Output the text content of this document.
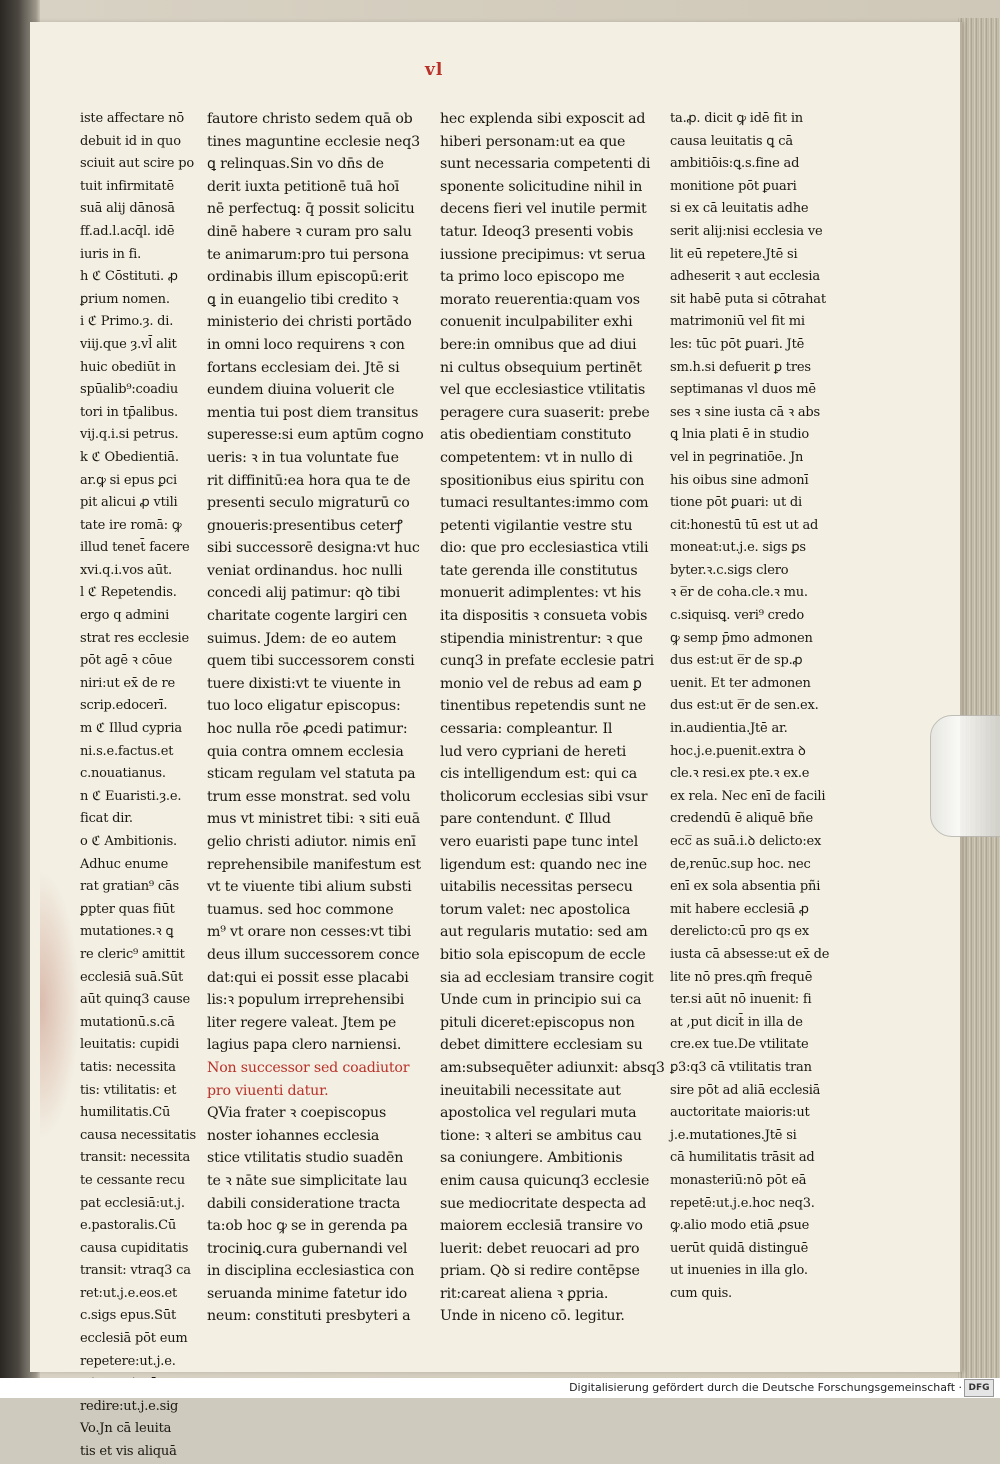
vl
iste affectare nō
debuit id in quo
sciuit aut scire po
tuit infirmitatē
suā alij dānosā
ff.ad.l.acq̄l. idē
iuris in fi.
h ℭ Cōstituti. ꝓ
ꝑrium nomen.
i ℭ Primo.ȝ. di.
viij.que ȝ.vl̄ alit
huic obediūt in
spūalib⁹:coadiu
tori in tp̄alibus.
vij.q.i.si petrus.
k ℭ Obedientiā.
ar.ꝙ si epus ꝑci
pit alicui ꝓ vtili
tate ire romā: ꝙ
illud tenet̄ facere
xvi.q.i.vos aūt.
l ℭ Repetendis.
ergo q admini
strat res ecclesie
pōt agē ꝛ cōue
niri:ut ex̄ de re
scrip.edocerī.
m ℭ Illud cypria
ni.s.e.factus.et
c.nouatianus.
n ℭ Euaristi.ȝ.e.
ficat dir.
o ℭ Ambitionis.
Adhuc enume
rat gratian⁹ cās
ꝑpter quas fiūt
mutationes.ꝛ ꝗ
re cleric⁹ amittit
ecclesiā suā.Sūt
aūt quinq3 cause
mutationū.s.cā
leuitatis: cupidi
tatis: necessita
tis: vtilitatis: et
humilitatis.Cū
causa necessitatis
transit: necessita
te cessante recu
pat ecclesiā:ut.j.
e.pastoralis.Cū
causa cupiditatis
transit: vtraq3 ca
ret:ut.j.e.eos.et
c.sigs epus.Sūt
ecclesiā pōt eum
repetere:ut.j.e.
redire:ut.j.e.sig
Vo.Jn cā leuita
tis et vis aliquā
fautore christo sedem quā ob
tines maguntine ecclesie neq3
ꝗ relinquas.Sin vo dn̄s de
derit iuxta petitionē tuā hoī
nē perfectuꝗ: q̄ possit solicitu
dinē habere ꝛ curam pro salu
te animarum:pro tui persona
ordinabis illum episcopū:erit
ꝗ in euangelio tibi credito ꝛ
ministerio dei christi portādo
in omni loco requirens ꝛ con
fortans ecclesiam dei. Jtē si
eundem diuina voluerit cle
mentia tui post diem transitus
superesse:si eum aptūm cogno
ueris: ꝛ in tua voluntate fue
rit diffinitū:ea hora qua te de
presenti seculo migraturū co
gnoueris:presentibus ceterꝭ
sibi successorē designa:vt huc
veniat ordinandus. hoc nulli
concedi alij patimur: qꝺ tibi
charitate cogente largiri cen
suimus. Jdem: de eo autem
quem tibi successorem consti
tuere dixisti:vt te viuente in
tuo loco eligatur episcopus:
hoc nulla rōe ꝓcedi patimur:
quia contra omnem ecclesia
sticam regulam vel statuta pa
trum esse monstrat. sed volu
mus vt ministret tibi: ꝛ siti euā
gelio christi adiutor. nimis enī
reprehensibile manifestum est
vt te viuente tibi alium substi
tuamus. sed hoc commone
m⁹ vt orare non cesses:vt tibi
deus illum successorem conce
dat:qui ei possit esse placabi
lis:ꝛ populum irreprehensibi
liter regere valeat. Jtem pe
lagius papa clero narniensi.
Non successor sed coadiutor
pro viuenti datur.
QVia frater ꝛ coepiscopus
noster iohannes ecclesia
stice vtilitatis studio suadēn
te ꝛ nāte sue simplicitate lau
dabili consideratione tracta
ta:ob hoc ꝙ se in gerenda pa
trociniꝗ.cura gubernandi vel
in disciplina ecclesiastica con
seruanda minime fatetur ido
neum: constituti presbyteri a
hec explenda sibi exposcit ad
hiberi personam:ut ea que
sunt necessaria competenti di
sponente solicitudine nihil in
decens fieri vel inutile permit
tatur. Ideoq3 presenti vobis
iussione precipimus: vt serua
ta primo loco episcopo me
morato reuerentia:quam vos
conuenit inculpabiliter exhi
bere:in omnibus que ad diui
ni cultus obsequium pertinēt
vel que ecclesiastice vtilitatis
peragere cura suaserit: prebe
atis obedientiam constituto
competentem: vt in nullo di
spositionibus eius spiritu con
tumaci resultantes:immo com
petenti vigilantie vestre stu
dio: que pro ecclesiastica vtili
tate gerenda ille constitutus
monuerit adimplentes: vt his
ita dispositis ꝛ consueta vobis
stipendia ministrentur: ꝛ que
cunq3 in prefate ecclesie patri
monio vel de rebus ad eam ꝑ
tinentibus repetendis sunt ne
cessaria: compleantur. Il
lud vero cypriani de hereti
cis intelligendum est: qui ca
tholicorum ecclesias sibi vsur
pare contendunt. ℭ Illud
vero euaristi pape tunc intel
ligendum est: quando nec ine
uitabilis necessitas persecu
torum valet: nec apostolica
aut regularis mutatio: sed am
bitio sola episcopum de eccle
sia ad ecclesiam transire cogit
Unde cum in principio sui ca
pituli diceret:episcopus non
debet dimittere ecclesiam su
am:subsequēter adiunxit: absq3
ineuitabili necessitate aut
apostolica vel regulari muta
tione: ꝛ alteri se ambitus cau
sa coniungere. Ambitionis
enim causa quicunq3 ecclesie
sue mediocritate despecta ad
maiorem ecclesiā transire vo
luerit: debet reuocari ad pro
priam. Qꝺ si redire contēpse
rit:careat aliena ꝛ ꝑpria.
Unde in niceno cō. legitur.
ta.ꝓ. dicit ꝙ idē fit in
causa leuitatis ꝗ cā
ambitiōis:ꝗ.s.fine ad
monitione pōt ꝑuari
si ex cā leuitatis adhe
serit alij:nisi ecclesia ve
lit eū repetere.Jtē si
adheserit ꝛ aut ecclesia
sit habē puta si cōtrahat
matrimoniū vel fit mi
les: tūc pōt ꝑuari. Jtē
sm.h.si defuerit ꝑ tres
septimanas vl duos mē
ses ꝛ sine iusta cā ꝛ abs
ꝗ lnia plati ē in studio
vel in pegrinatiōe. Jn
his oibus sine admonī
tione pōt ꝑuari: ut di
cit:honestū tū est ut ad
moneat:ut.j.e. sigs ꝑs
byter.ꝛ.c.sigs clero
ꝛ e̅r de coha.cle.ꝛ mu.
c.siquisꝗ. veri⁹ credo
ꝙ semp p̄mo admonen
dus est:ut e̅r de sp.ꝓ
uenit. Et ter admonen
dus est:ut e̅r de sen.ex.
in.audientia.Jtē ar.
hoc.j.e.puenit.extra ꝺ
cle.ꝛ resi.ex pte.ꝛ ex.e
ex rela. Nec enī de facili
credendū ē aliquē bñe
ecc̅ as suā.i.ꝺ delicto:ex
de,renūc.sup hoc. nec
enī ex sola absentia pñi
mit habere ecclesiā ꝓ
derelicto:cū pro qs ex
iusta cā absesse:ut ex̄ de
lite nō pres.qm̄ frequē
ter.si aūt nō inuenit: fi
at ,put dicit̄ in illa de
cre.ex tue.De vtilitate
ꝑ3:q3 cā vtilitatis tran
sire pōt ad aliā ecclesiā
auctoritate maioris:ut
j.e.mutationes.Jtē si
cā humilitatis trāsit ad
monasteriū:nō pōt eā
repetē:ut.j.e.hoc neq3.
ꝙ.alio modo etiā ꝓsue
uerūt quidā distinguē
ut inuenies in illa glo.
cum quis.
Digitalisierung gefördert durch die Deutsche Forschungsgemeinschaft · DFG
